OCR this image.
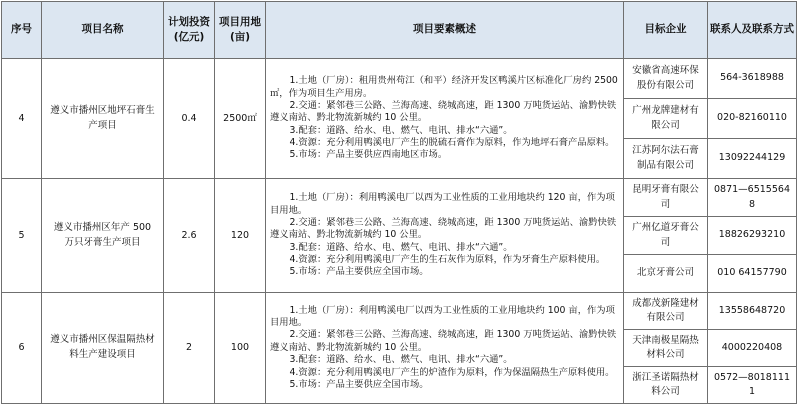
序号	项目名称	计划投资(亿元)	项目用地(亩)	项目要素概述	目标企业	联系人及联系方式
4	遵义市播州区地坪石膏生产项目	0.4	2500㎡	1.土地（厂房）：租用贵州苟江（和平）经济开发区鸭溪片区标准化厂房约 2500㎡，作为项目生产用房。
2.交通：紧邻巷三公路、兰海高速、绕城高速，距 1300 万吨货运站、渝黔快铁遵义南站、黔北物流新城约 10 公里。
3.配套：道路、给水、电、燃气、电讯、排水“六通”。
4.资源：充分利用鸭溪电厂产生的脱硫石膏作为原料，作为地坪石膏产品原料。
5.市场：产品主要供应西南地区市场。	安徽省高速环保股份有限公司	564-3618988
					广州龙牌建材有限公司	020-82160110
					江苏阿尔法石膏制品有限公司	13092244129
5	遵义市播州区年产 500 万只牙膏生产项目	2.6	120	1.土地（厂房）：利用鸭溪电厂以西为工业性质的工业用地块约 120 亩，作为项目用地。
2.交通：紧邻巷三公路、兰海高速、绕城高速，距 1300 万吨货运站、渝黔快铁遵义南站、黔北物流新城约 10 公里。
3.配套：道路、给水、电、燃气、电讯、排水“六通”。
4.资源：充分利用鸭溪电厂产生的生石灰作为原料，作为牙膏生产原料使用。
5.市场：产品主要供应全国市场。	昆明牙膏有限公司	0871—65155648
					广州亿道牙膏公司	18826293210
					北京牙膏公司	010 64157790
6	遵义市播州区保温隔热材料生产建设项目	2	100	1.土地（厂房）：利用鸭溪电厂以西为工业性质的工业用地块约 100 亩，作为项目用地。
2.交通：紧邻巷三公路、兰海高速、绕城高速，距 1300 万吨货运站、渝黔快铁遵义南站、黔北物流新城约 10 公里。
3.配套：道路、给水、电、燃气、电讯、排水“六通”。
4.资源：充分利用鸭溪电厂产生的炉渣作为原料，作为保温隔热生产原料使用。
5.市场：产品主要供应全国市场。	成都茂新隆建材有限公司	13558648720
					天津南极星隔热材料公司	4000220408
					浙江圣诺隔热材料公司	0572—80181111
